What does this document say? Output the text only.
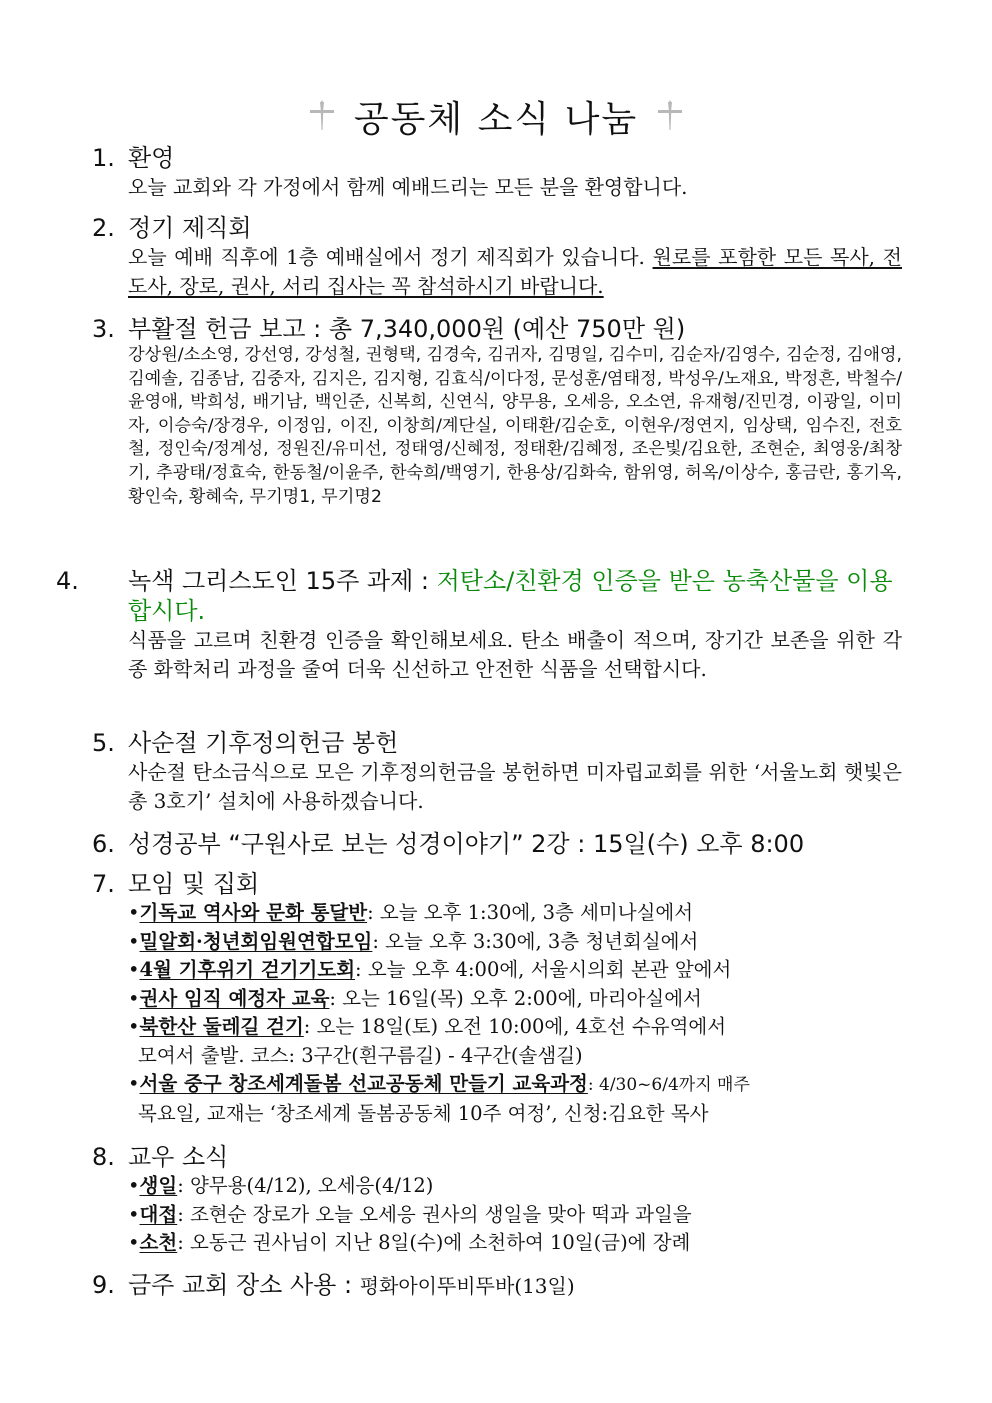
공동체 소식 나눔
1. 환영
오늘 교회와 각 가정에서 함께 예배드리는 모든 분을 환영합니다.
2. 정기 제직회
오늘 예배 직후에 1층 예배실에서 정기 제직회가 있습니다. 원로를 포함한 모든 목사, 전도사, 장로, 권사, 서리 집사는 꼭 참석하시기 바랍니다.
3. 부활절 헌금 보고 : 총 7,340,000원 (예산 750만 원)
강상원/소소영, 강선영, 강성철, 권형택, 김경숙, 김귀자, 김명일, 김수미, 김순자/김영수, 김순정, 김애영, 김예솔, 김종남, 김중자, 김지은, 김지형, 김효식/이다정, 문성훈/염태정, 박성우/노재요, 박정흔, 박철수/윤영애, 박희성, 배기남, 백인준, 신복희, 신연식, 양무용, 오세응, 오소연, 유재형/진민경, 이광일, 이미자, 이승숙/장경우, 이정임, 이진, 이창희/계단실, 이태환/김순호, 이현우/정연지, 임상택, 임수진, 전호철, 정인숙/정계성, 정원진/유미선, 정태영/신혜정, 정태환/김혜정, 조은빛/김요한, 조현순, 최영웅/최창기, 추광태/정효숙, 한동철/이윤주, 한숙희/백영기, 한용상/김화숙, 함위영, 허옥/이상수, 홍금란, 홍기옥, 황인숙, 황혜숙, 무기명1, 무기명2
4. 녹색 그리스도인 15주 과제 : 저탄소/친환경 인증을 받은 농축산물을 이용합시다.
식품을 고르며 친환경 인증을 확인해보세요. 탄소 배출이 적으며, 장기간 보존을 위한 각종 화학처리 과정을 줄여 더욱 신선하고 안전한 식품을 선택합시다.
5. 사순절 기후정의헌금 봉헌
사순절 탄소금식으로 모은 기후정의헌금을 봉헌하면 미자립교회를 위한 ‘서울노회 햇빛은총 3호기’ 설치에 사용하겠습니다.
6. 성경공부 “구원사로 보는 성경이야기” 2강 : 15일(수) 오후 8:00
7. 모임 및 집회
•기독교 역사와 문화 통달반: 오늘 오후 1:30에, 3층 세미나실에서
•밀알회·청년회임원연합모임: 오늘 오후 3:30에, 3층 청년회실에서
•4월 기후위기 걷기기도회: 오늘 오후 4:00에, 서울시의회 본관 앞에서
•권사 임직 예정자 교육: 오는 16일(목) 오후 2:00에, 마리아실에서
•북한산 둘레길 걷기: 오는 18일(토) 오전 10:00에, 4호선 수유역에서
모여서 출발. 코스: 3구간(흰구름길) - 4구간(솔샘길)
•서울 중구 창조세계돌봄 선교공동체 만들기 교육과정: 4/30~6/4까지 매주
목요일, 교재는 ‘창조세계 돌봄공동체 10주 여정’, 신청:김요한 목사
8. 교우 소식
•생일: 양무용(4/12), 오세응(4/12)
•대접: 조현순 장로가 오늘 오세응 권사의 생일을 맞아 떡과 과일을
•소천: 오동근 권사님이 지난 8일(수)에 소천하여 10일(금)에 장례
9. 금주 교회 장소 사용 : 평화아이뚜비뚜바(13일)
